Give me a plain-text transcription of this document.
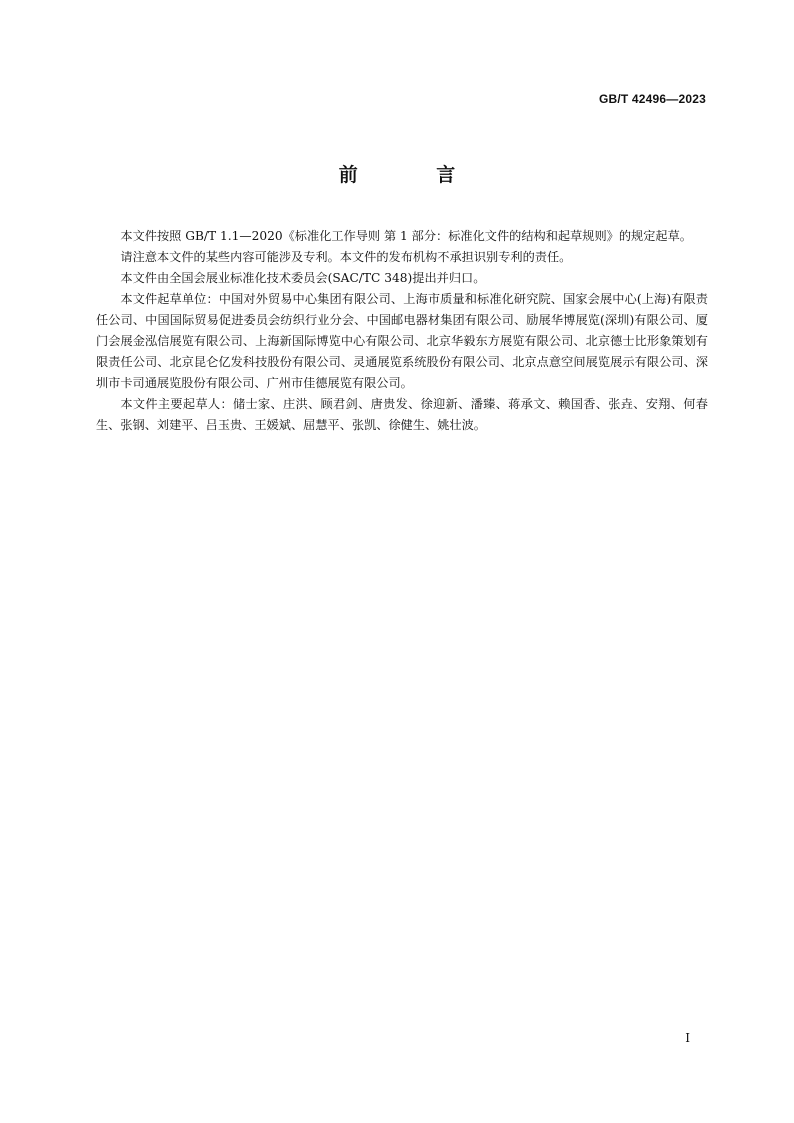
GB/T 42496—2023
前 言

本文件按照 GB/T 1.1—2020《标准化工作导则 第 1 部分：标准化文件的结构和起草规则》的规定起草。

请注意本文件的某些内容可能涉及专利。本文件的发布机构不承担识别专利的责任。

本文件由全国会展业标准化技术委员会(SAC/TC 348)提出并归口。

本文件起草单位：中国对外贸易中心集团有限公司、上海市质量和标准化研究院、国家会展中心(上海)有限责任公司、中国国际贸易促进委员会纺织行业分会、中国邮电器材集团有限公司、励展华博展览(深圳)有限公司、厦门会展金泓信展览有限公司、上海新国际博览中心有限公司、北京华毅东方展览有限公司、北京德士比形象策划有限责任公司、北京昆仑亿发科技股份有限公司、灵通展览系统股份有限公司、北京点意空间展览展示有限公司、深圳市卡司通展览股份有限公司、广州市佳德展览有限公司。

本文件主要起草人：储士家、庄洪、顾君剑、唐贵发、徐迎新、潘臻、蒋承文、赖国香、张垚、安翔、何春生、张钢、刘建平、吕玉贵、王媛斌、屈慧平、张凯、徐健生、姚壮波。

I
